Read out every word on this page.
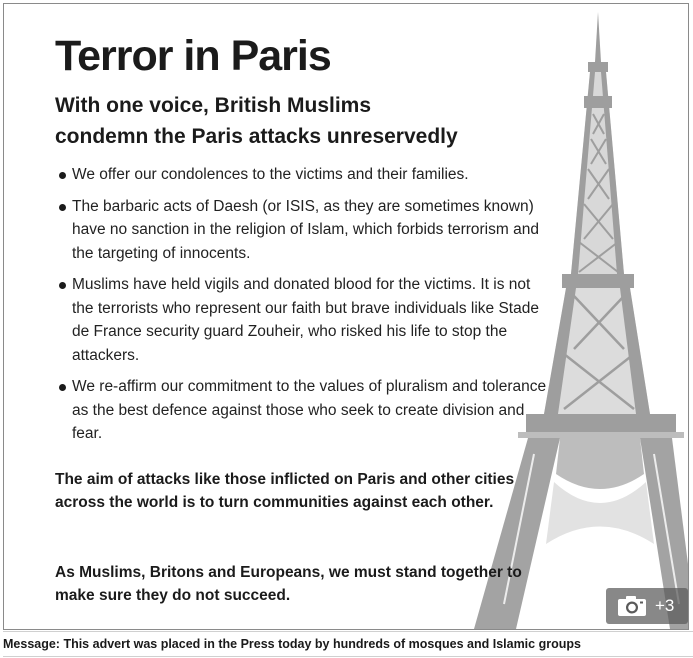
Terror in Paris
With one voice, British Muslims
condemn the Paris attacks unreservedly
We offer our condolences to the victims and their families.
The barbaric acts of Daesh (or ISIS, as they are sometimes known) have no sanction in the religion of Islam, which forbids terrorism and the targeting of innocents.
Muslims have held vigils and donated blood for the victims. It is not the terrorists who represent our faith but brave individuals like Stade de France security guard Zouheir, who risked his life to stop the attackers.
We re-affirm our commitment to the values of pluralism and tolerance as the best defence against those who seek to create division and fear.

The aim of attacks like those inflicted on Paris and other cities across the world is to turn communities against each other.

As Muslims, Britons and Europeans, we must stand together to make sure they do not succeed.

+3
Message: This advert was placed in the Press today by hundreds of mosques and Islamic groups
